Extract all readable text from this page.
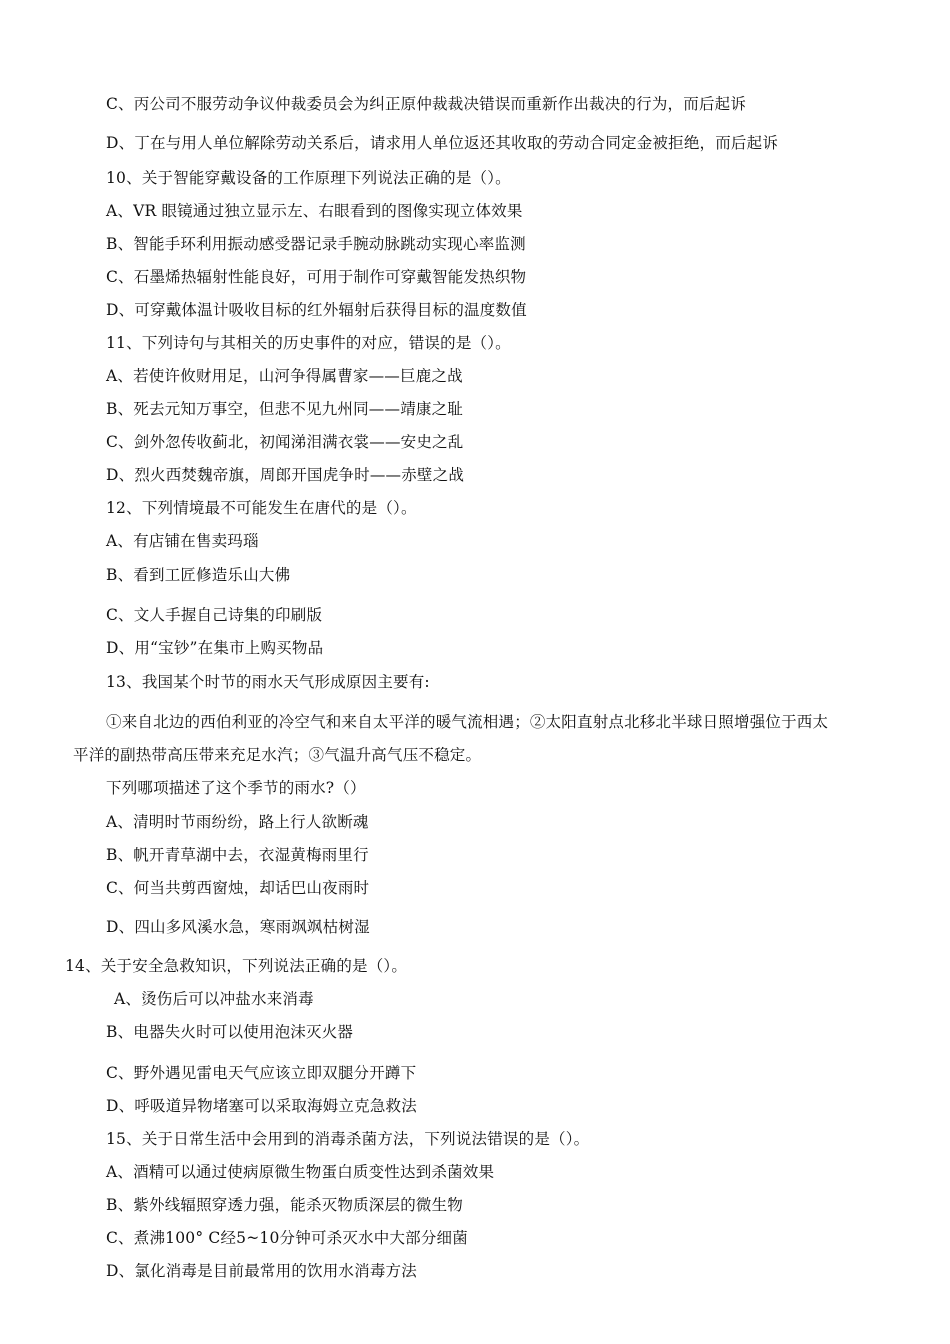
C、丙公司不服劳动争议仲裁委员会为纠正原仲裁裁决错误而重新作出裁决的行为，而后起诉
D、丁在与用人单位解除劳动关系后，请求用人单位返还其收取的劳动合同定金被拒绝，而后起诉
10、关于智能穿戴设备的工作原理下列说法正确的是（）。
A、VR 眼镜通过独立显示左、右眼看到的图像实现立体效果
B、智能手环利用振动感受器记录手腕动脉跳动实现心率监测
C、石墨烯热辐射性能良好，可用于制作可穿戴智能发热织物
D、可穿戴体温计吸收目标的红外辐射后获得目标的温度数值
11、下列诗句与其相关的历史事件的对应，错误的是（）。
A、若使许攸财用足，山河争得属曹家——巨鹿之战
B、死去元知万事空，但悲不见九州同——靖康之耻
C、剑外忽传收蓟北，初闻涕泪满衣裳——安史之乱
D、烈火西焚魏帝旗，周郎开国虎争时——赤壁之战
12、下列情境最不可能发生在唐代的是（）。
A、有店铺在售卖玛瑙
B、看到工匠修造乐山大佛
C、文人手握自己诗集的印刷版
D、用“宝钞”在集市上购买物品
13、我国某个时节的雨水天气形成原因主要有:
①来自北边的西伯利亚的冷空气和来自太平洋的暖气流相遇；②太阳直射点北移北半球日照增强位于西太
平洋的副热带高压带来充足水汽；③气温升高气压不稳定。
下列哪项描述了这个季节的雨水?（）
A、清明时节雨纷纷，路上行人欲断魂
B、帆开青草湖中去，衣湿黄梅雨里行
C、何当共剪西窗烛，却话巴山夜雨时
D、四山多风溪水急，寒雨飒飒枯树湿
14、关于安全急救知识，下列说法正确的是（）。
A、烫伤后可以冲盐水来消毒
B、电器失火时可以使用泡沫灭火器
C、野外遇见雷电天气应该立即双腿分开蹲下
D、呼吸道异物堵塞可以采取海姆立克急救法
15、关于日常生活中会用到的消毒杀菌方法，下列说法错误的是（）。
A、酒精可以通过使病原微生物蛋白质变性达到杀菌效果
B、紫外线辐照穿透力强，能杀灭物质深层的微生物
C、煮沸100° C经5~10分钟可杀灭水中大部分细菌
D、氯化消毒是目前最常用的饮用水消毒方法
